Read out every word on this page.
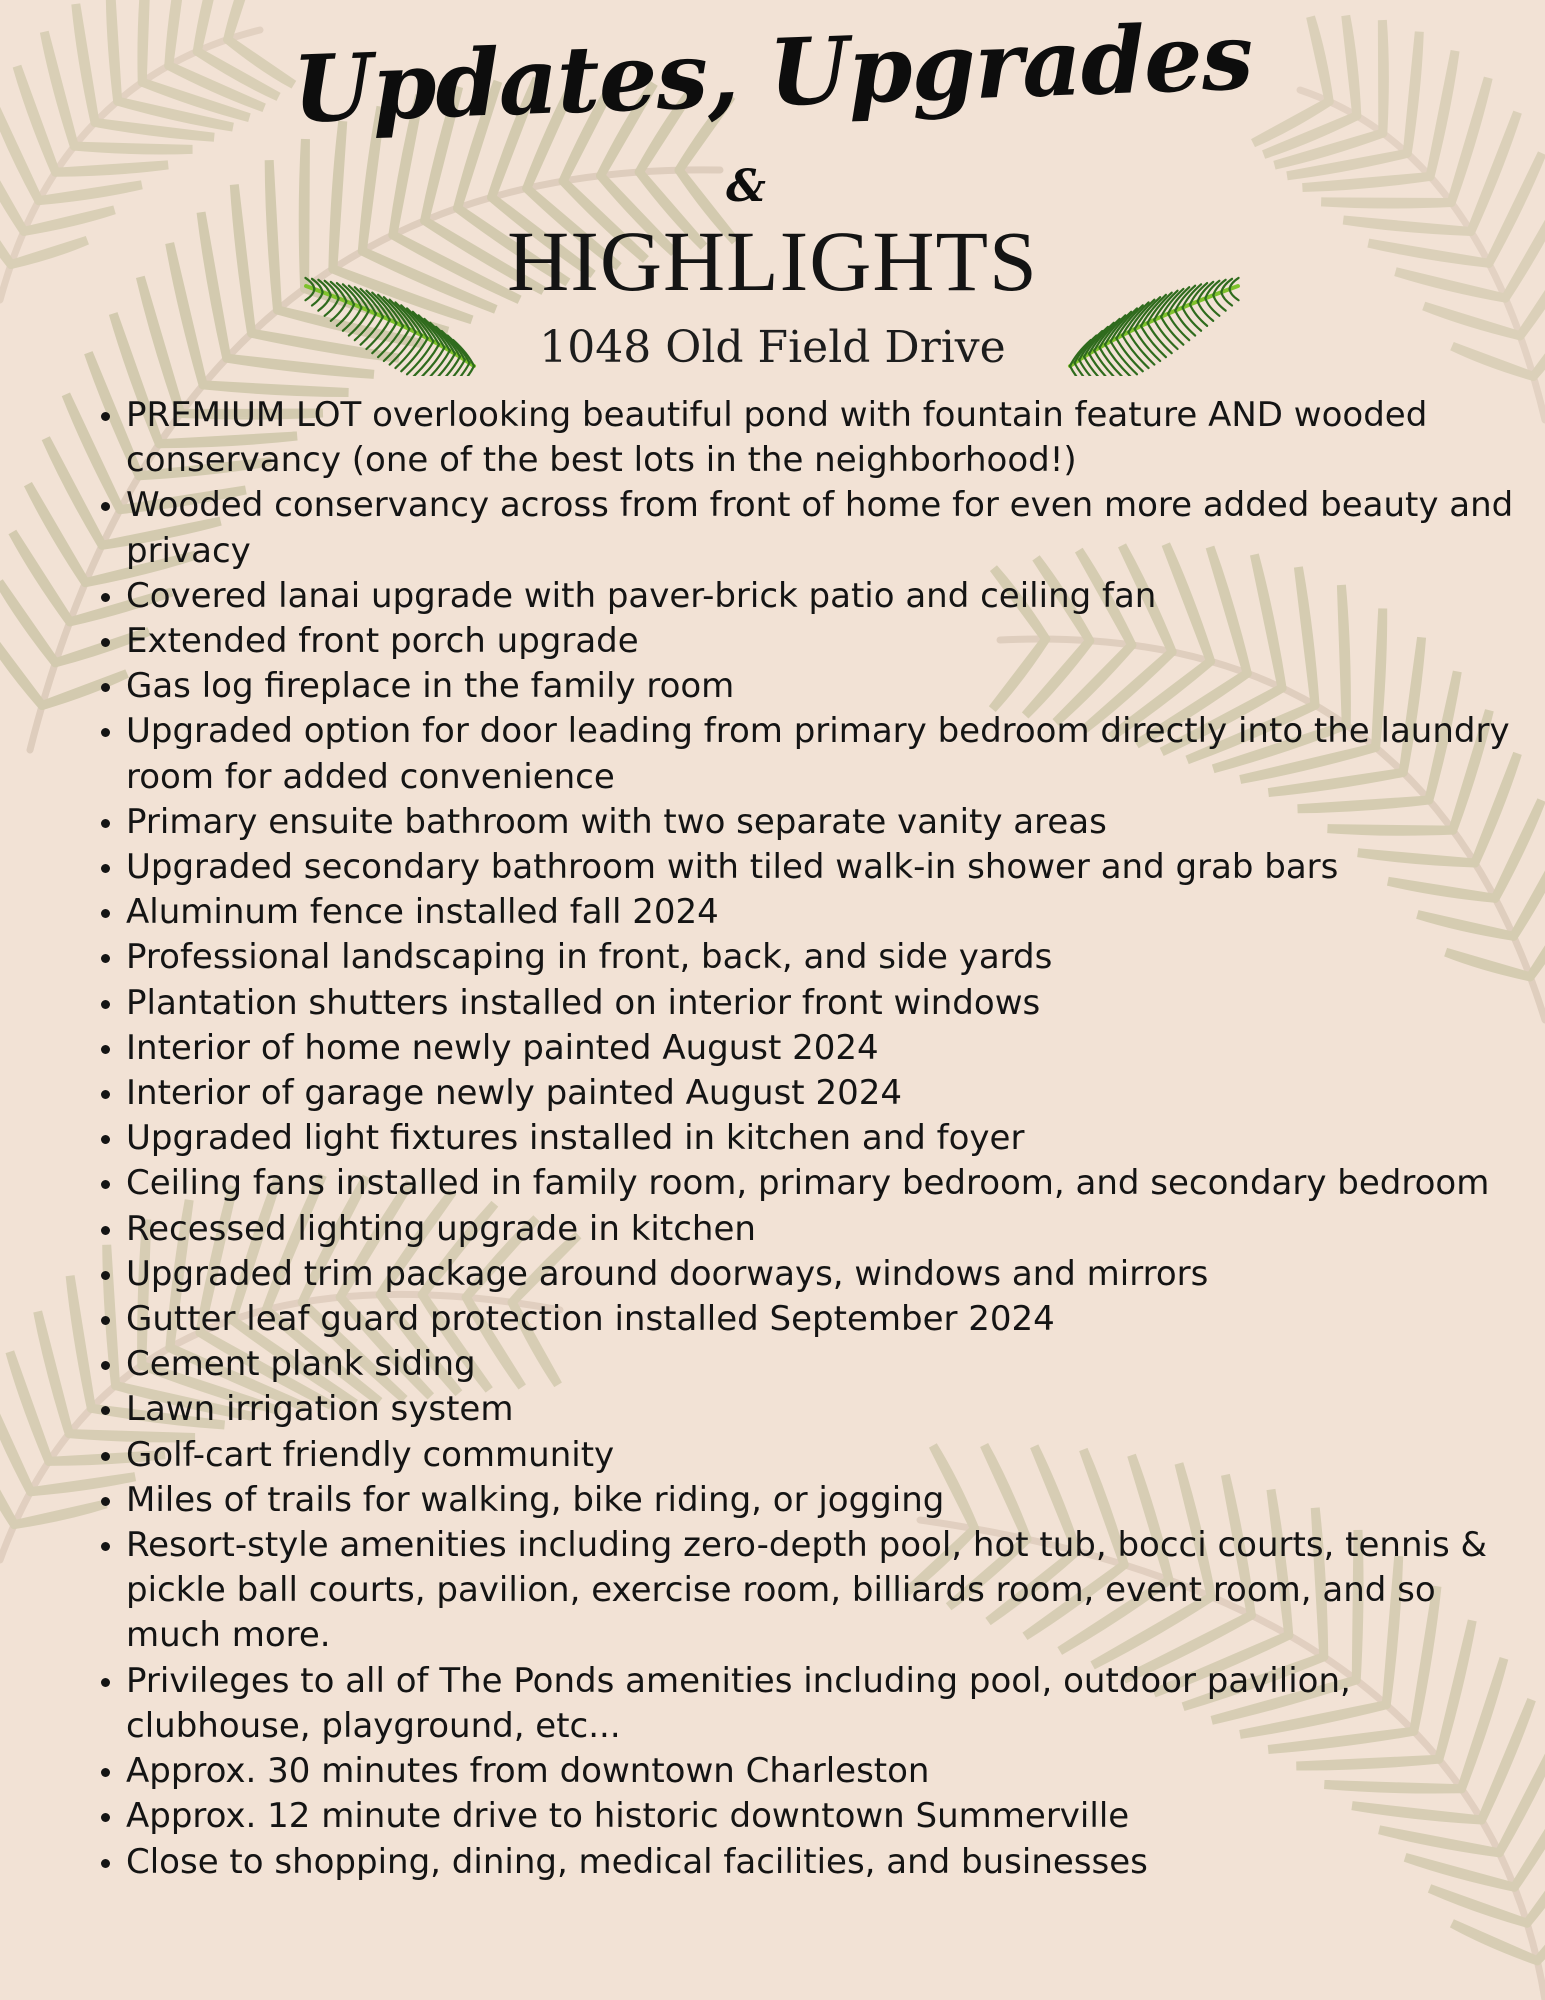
Updates, Upgrades
&
HIGHLIGHTS
1048 Old Field Drive
• PREMIUM LOT overlooking beautiful pond with fountain feature AND wooded conservancy (one of the best lots in the neighborhood!)
• Wooded conservancy across from front of home for even more added beauty and privacy
• Covered lanai upgrade with paver-brick patio and ceiling fan
• Extended front porch upgrade
• Gas log fireplace in the family room
• Upgraded option for door leading from primary bedroom directly into the laundry room for added convenience
• Primary ensuite bathroom with two separate vanity areas
• Upgraded secondary bathroom with tiled walk-in shower and grab bars
• Aluminum fence installed fall 2024
• Professional landscaping in front, back, and side yards
• Plantation shutters installed on interior front windows
• Interior of home newly painted August 2024
• Interior of garage newly painted August 2024
• Upgraded light fixtures installed in kitchen and foyer
• Ceiling fans installed in family room, primary bedroom, and secondary bedroom
• Recessed lighting upgrade in kitchen
• Upgraded trim package around doorways, windows and mirrors
• Gutter leaf guard protection installed September 2024
• Cement plank siding
• Lawn irrigation system
• Golf-cart friendly community
• Miles of trails for walking, bike riding, or jogging
• Resort-style amenities including zero-depth pool, hot tub, bocci courts, tennis & pickle ball courts, pavilion, exercise room, billiards room, event room, and so much more.
• Privileges to all of The Ponds amenities including pool, outdoor pavilion, clubhouse, playground, etc...
• Approx. 30 minutes from downtown Charleston
• Approx. 12 minute drive to historic downtown Summerville
• Close to shopping, dining, medical facilities, and businesses
